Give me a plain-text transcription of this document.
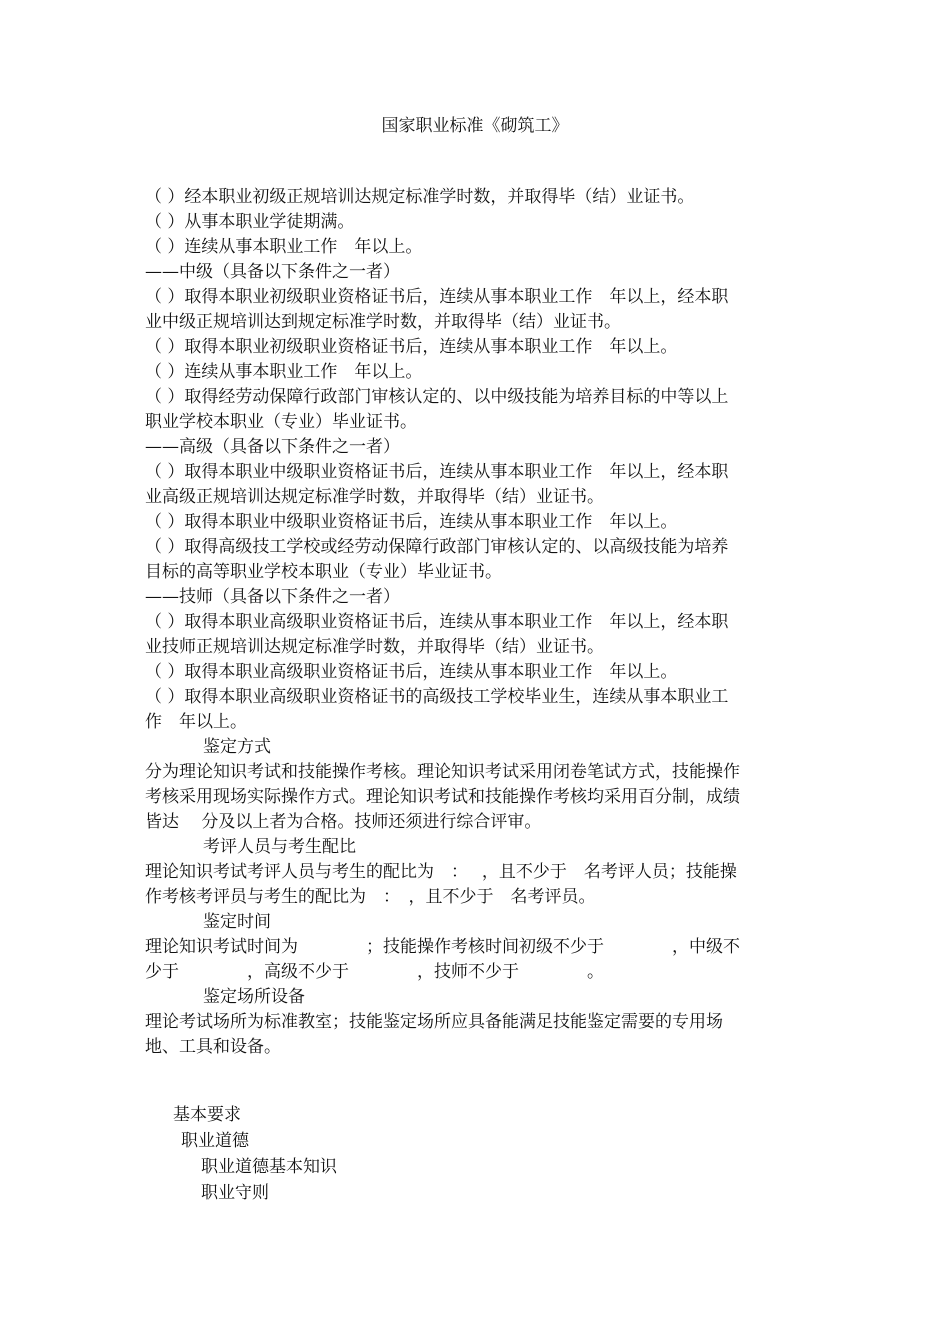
国家职业标准《砌筑工》
（ ）经本职业初级正规培训达规定标准学时数，并取得毕（结）业证书。
（ ）从事本职业学徒期满。
（ ）连续从事本职业工作　年以上。
——中级（具备以下条件之一者）
（ ）取得本职业初级职业资格证书后，连续从事本职业工作　年以上，经本职
业中级正规培训达到规定标准学时数，并取得毕（结）业证书。
（ ）取得本职业初级职业资格证书后，连续从事本职业工作　年以上。
（ ）连续从事本职业工作　年以上。
（ ）取得经劳动保障行政部门审核认定的、以中级技能为培养目标的中等以上
职业学校本职业（专业）毕业证书。
——高级（具备以下条件之一者）
（ ）取得本职业中级职业资格证书后，连续从事本职业工作　年以上，经本职
业高级正规培训达规定标准学时数，并取得毕（结）业证书。
（ ）取得本职业中级职业资格证书后，连续从事本职业工作　年以上。
（ ）取得高级技工学校或经劳动保障行政部门审核认定的、以高级技能为培养
目标的高等职业学校本职业（专业）毕业证书。
——技师（具备以下条件之一者）
（ ）取得本职业高级职业资格证书后，连续从事本职业工作　年以上，经本职
业技师正规培训达规定标准学时数，并取得毕（结）业证书。
（ ）取得本职业高级职业资格证书后，连续从事本职业工作　年以上。
（ ）取得本职业高级职业资格证书的高级技工学校毕业生，连续从事本职业工
作　年以上。
鉴定方式
分为理论知识考试和技能操作考核。理论知识考试采用闭卷笔试方式，技能操作
考核采用现场实际操作方式。理论知识考试和技能操作考核均采用百分制，成绩
皆达　 分及以上者为合格。技师还须进行综合评审。
考评人员与考生配比
理论知识考试考评人员与考生的配比为　：　 ，且不少于　名考评人员；技能操
作考核考评员与考生的配比为　：　，且不少于　名考评员。
鉴定时间
理论知识考试时间为　　　　；技能操作考核时间初级不少于　　　　，中级不
少于　　　　，高级不少于　　　　，技师不少于　　　　。
鉴定场所设备
理论考试场所为标准教室；技能鉴定场所应具备能满足技能鉴定需要的专用场
地、工具和设备。
基本要求
职业道德
职业道德基本知识
职业守则
